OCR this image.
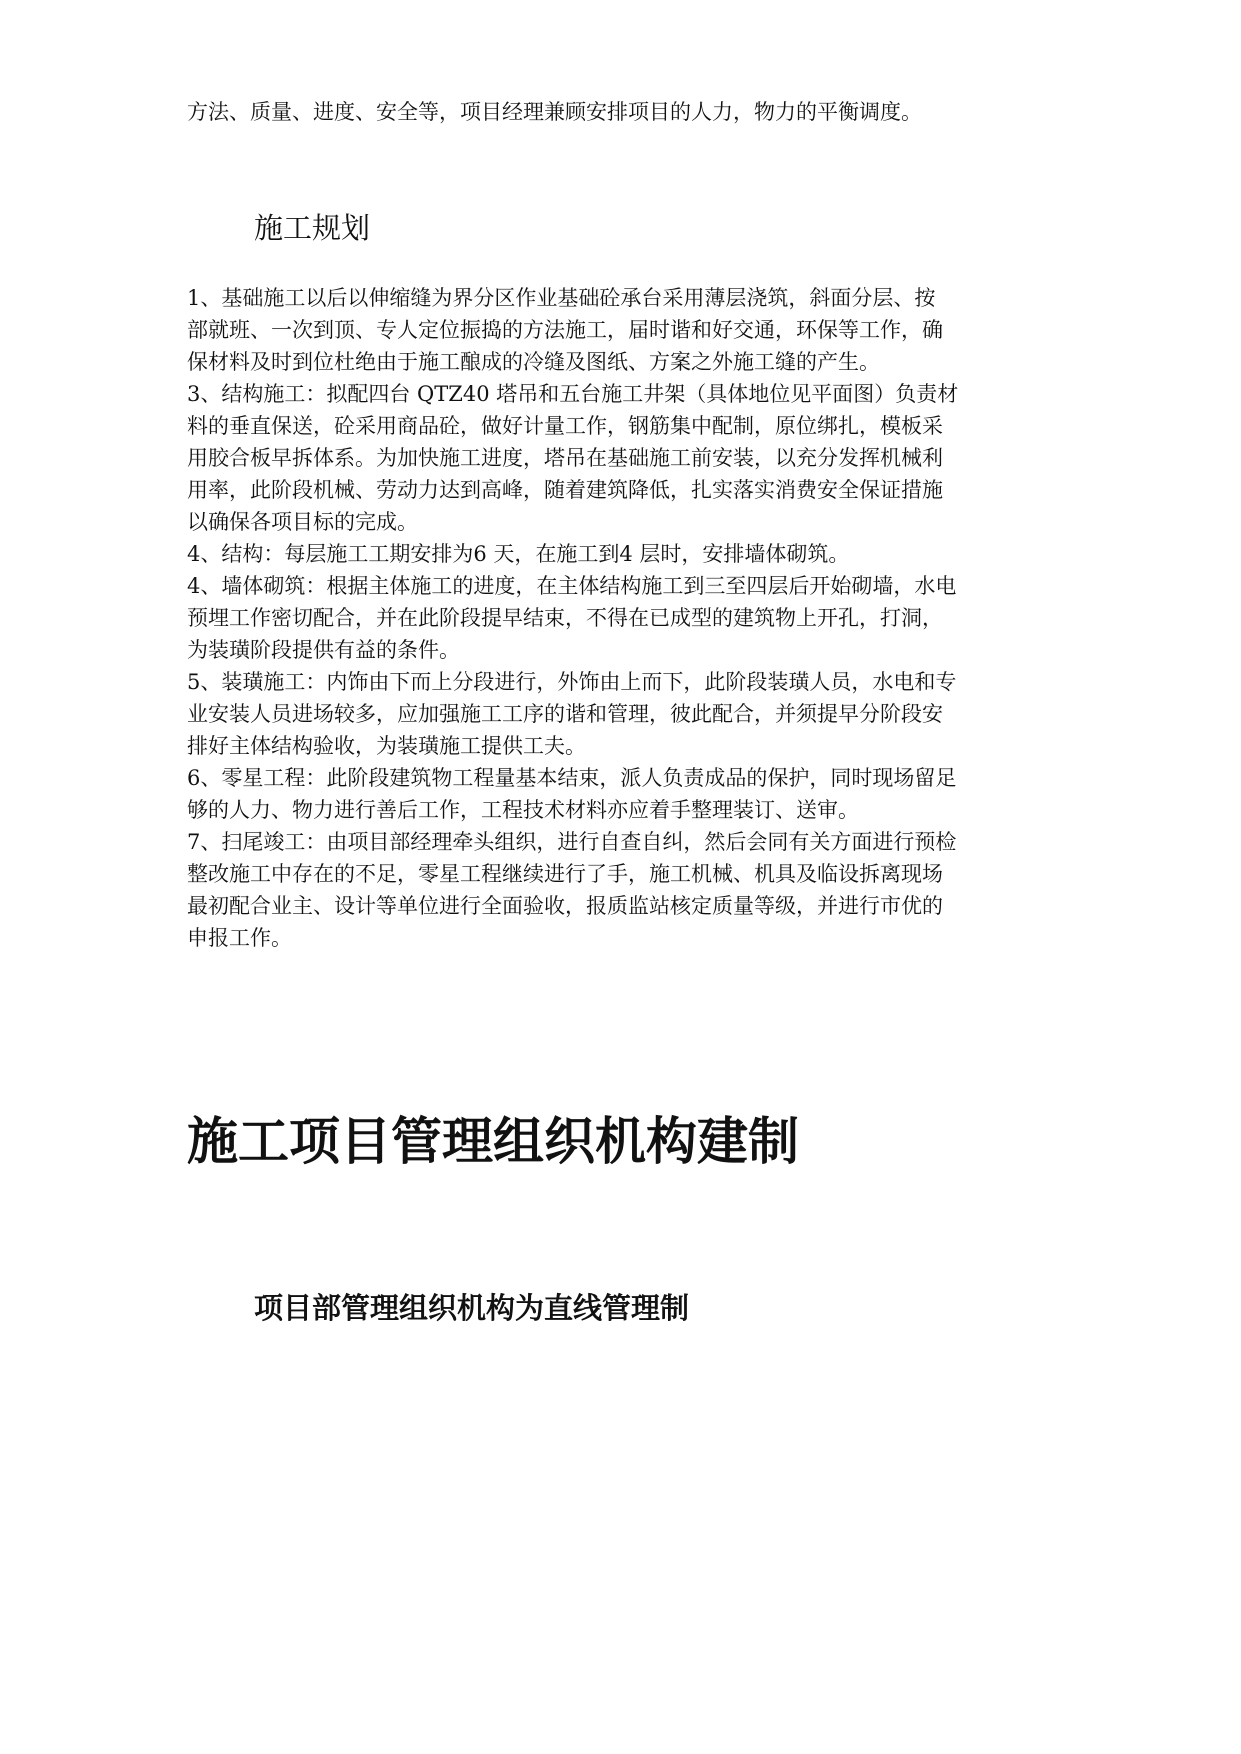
方法、质量、进度、安全等，项目经理兼顾安排项目的人力，物力的平衡调度。
施工规划
1、基础施工以后以伸缩缝为界分区作业基础砼承台采用薄层浇筑，斜面分层、按
部就班、一次到顶、专人定位振捣的方法施工，届时谐和好交通，环保等工作，确
保材料及时到位杜绝由于施工酿成的冷缝及图纸、方案之外施工缝的产生。
3、结构施工：拟配四台 QTZ40 塔吊和五台施工井架（具体地位见平面图）负责材
料的垂直保送，砼采用商品砼，做好计量工作，钢筋集中配制，原位绑扎，模板采
用胶合板早拆体系。为加快施工进度，塔吊在基础施工前安装，以充分发挥机械利
用率，此阶段机械、劳动力达到高峰，随着建筑降低，扎实落实消费安全保证措施
以确保各项目标的完成。
4、结构：每层施工工期安排为6 天，在施工到4 层时，安排墙体砌筑。
4、墙体砌筑：根据主体施工的进度，在主体结构施工到三至四层后开始砌墙，水电
预埋工作密切配合，并在此阶段提早结束，不得在已成型的建筑物上开孔，打洞，
为装璜阶段提供有益的条件。
5、装璜施工：内饰由下而上分段进行，外饰由上而下，此阶段装璜人员，水电和专
业安装人员进场较多，应加强施工工序的谐和管理，彼此配合，并须提早分阶段安
排好主体结构验收，为装璜施工提供工夫。
6、零星工程：此阶段建筑物工程量基本结束，派人负责成品的保护，同时现场留足
够的人力、物力进行善后工作，工程技术材料亦应着手整理装订、送审。
7、扫尾竣工：由项目部经理牵头组织，进行自查自纠，然后会同有关方面进行预检
整改施工中存在的不足，零星工程继续进行了手，施工机械、机具及临设拆离现场
最初配合业主、设计等单位进行全面验收，报质监站核定质量等级，并进行市优的
申报工作。
施工项目管理组织机构建制
项目部管理组织机构为直线管理制
